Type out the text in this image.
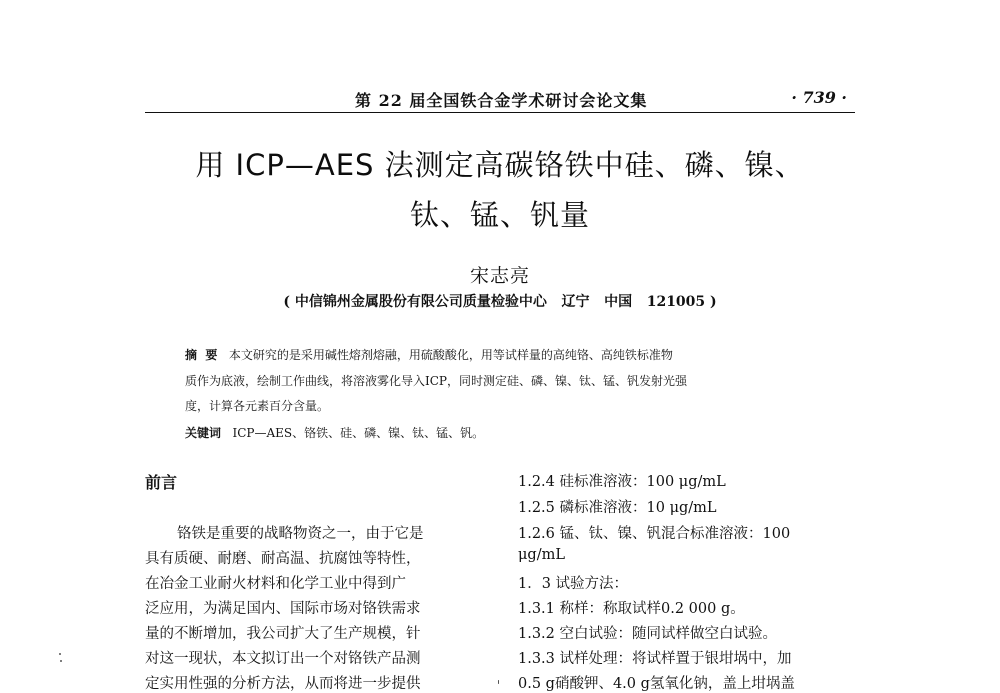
第 22 届全国铁合金学术研讨会论文集	· 739 ·
用 ICP—AES 法测定高碳铬铁中硅、磷、镍、
钛、锰、钒量
宋志亮
( 中信锦州金属股份有限公司质量检验中心   辽宁   中国   121005 )
摘  要 本文研究的是采用碱性熔剂熔融，用硫酸酸化，用等试样量的高纯铬、高纯铁标准物
质作为底液，绘制工作曲线，将溶液雾化导入ICP，同时测定硅、磷、镍、钛、锰、钒发射光强
度，计算各元素百分含量。
关键词 ICP—AES、铬铁、硅、磷、镍、钛、锰、钒。
前言
铬铁是重要的战略物资之一，由于它是
具有质硬、耐磨、耐高温、抗腐蚀等特性，
在冶金工业耐火材料和化学工业中得到广
泛应用，为满足国内、国际市场对铬铁需求
量的不断增加，我公司扩大了生产规模，针
对这一现状，本文拟订出一个对铬铁产品测
定实用性强的分析方法，从而将进一步提供
1.2.4 硅标准溶液：100 μg/mL
1.2.5 磷标准溶液：10 μg/mL
1.2.6 锰、钛、镍、钒混合标准溶液：100
μg/mL
1．3 试验方法：
1.3.1 称样：称取试样0.2 000 g。
1.3.2 空白试验：随同试样做空白试验。
1.3.3 试样处理：将试样置于银坩埚中，加
0.5 g硝酸钾、4.0 g氢氧化钠，盖上坩埚盖
